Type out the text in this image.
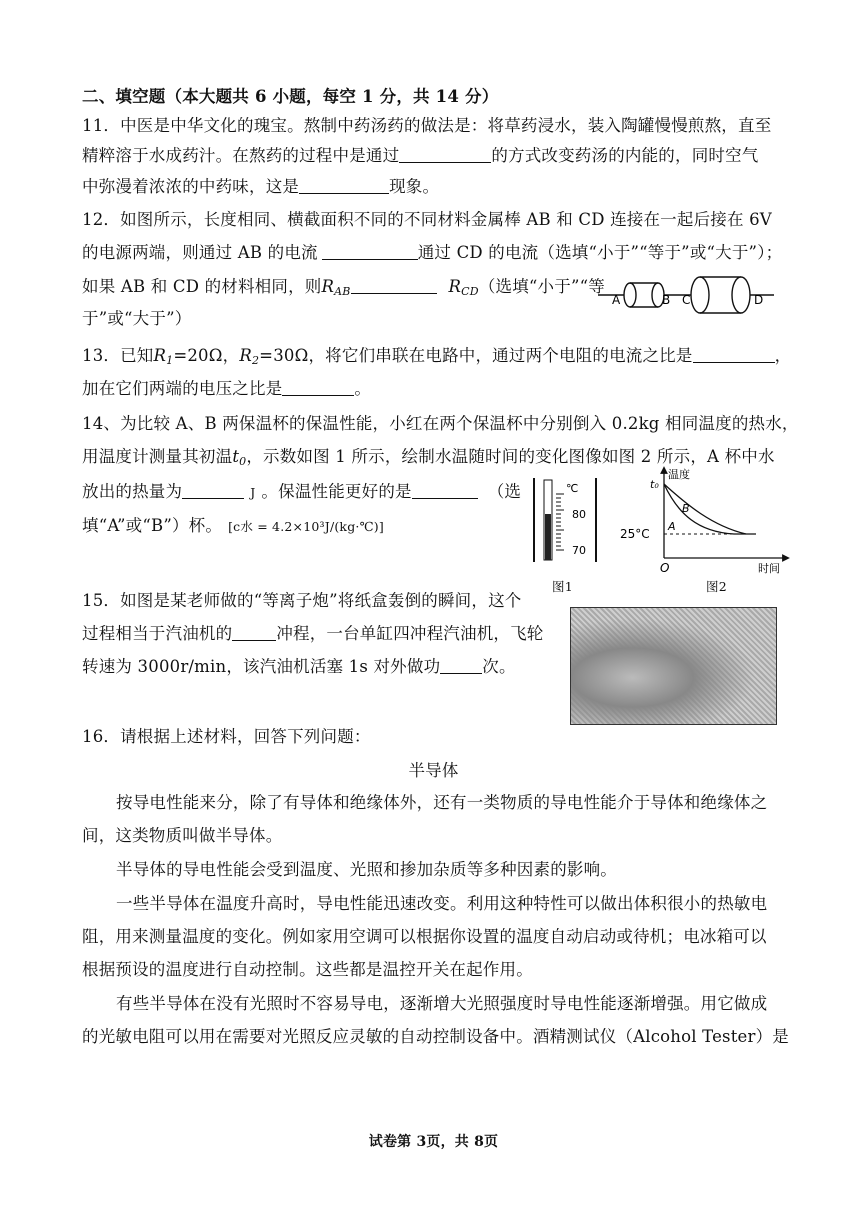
二、填空题（本大题共 6 小题，每空 1 分，共 14 分）
11．中医是中华文化的瑰宝。熬制中药汤药的做法是：将草药浸水，装入陶罐慢慢煎熬，直至
精粹溶于水成药汁。在熬药的过程中是通过	的方式改变药汤的内能的，同时空气
中弥漫着浓浓的中药味，这是	现象。
12．如图所示，长度相同、横截面积不同的不同材料金属棒 AB 和 CD 连接在一起后接在 6V
的电源两端，则通过 AB 的电流	通过 CD 的电流（选填“小于”“等于”或“大于”）；
如果 AB 和 CD 的材料相同，则$R_{AB}$	$R_{CD}$（选填“小于”“等
于”或“大于”）
A	B C	D
13．已知$R_1=20\Omega$，$R_2=30\Omega$，将它们串联在电路中，通过两个电阻的电流之比是	，
加在它们两端的电压之比是	。
14、为比较 A、B 两保温杯的保温性能，小红在两个保温杯中分别倒入 0.2kg 相同温度的热水，
用温度计测量其初温$t_0$，示数如图 1 所示，绘制水温随时间的变化图像如图 2 所示，A 杯中水
放出的热量为	J 。保温性能更好的是	（选
填“A”或“B”）杯。 [c水 = 4.2×10³J/(kg·℃)]
℃
80
70
图1
温度
t₀
25°C
O	时间
A
B
图2
15．如图是某老师做的“等离子炮”将纸盒轰倒的瞬间，这个
过程相当于汽油机的	冲程，一台单缸四冲程汽油机，飞轮
转速为 3000r/min，该汽油机活塞 1s 对外做功	次。
16．请根据上述材料，回答下列问题：
半导体
按导电性能来分，除了有导体和绝缘体外，还有一类物质的导电性能介于导体和绝缘体之
间，这类物质叫做半导体。
半导体的导电性能会受到温度、光照和掺加杂质等多种因素的影响。
一些半导体在温度升高时，导电性能迅速改变。利用这种特性可以做出体积很小的热敏电
阻，用来测量温度的变化。例如家用空调可以根据你设置的温度自动启动或待机；电冰箱可以
根据预设的温度进行自动控制。这些都是温控开关在起作用。
有些半导体在没有光照时不容易导电，逐渐增大光照强度时导电性能逐渐增强。用它做成
的光敏电阻可以用在需要对光照反应灵敏的自动控制设备中。酒精测试仪（Alcohol Tester）是
试卷第 3页，共 8页
